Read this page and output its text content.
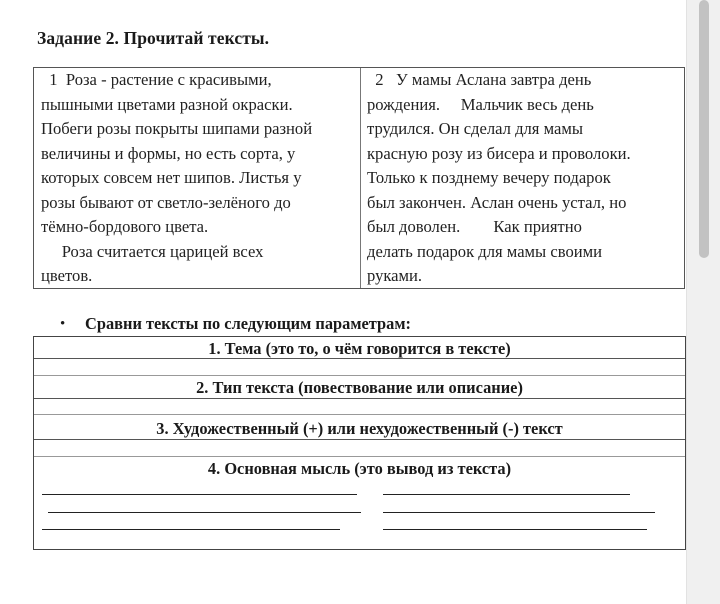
Задание 2. Прочитай тексты.
1  Роза - растение с красивыми,
пышными цветами разной окраски.
Побеги розы покрыты шипами разной
величины и формы, но есть сорта, у
которых совсем нет шипов. Листья у
розы бывают от светло-зелёного до
тёмно-бордового цвета.
Роза считается царицей всех
цветов.
2   У мамы Аслана завтра день
рождения.     Мальчик весь день
трудился. Он сделал для мамы
красную розу из бисера и проволоки.
Только к позднему вечеру подарок
был закончен. Аслан очень устал, но
был доволен.        Как приятно
делать подарок для мамы своими
руками.
• Сравни тексты по следующим параметрам:
1. Тема (это то, о чём говорится в тексте)
2. Тип текста (повествование или описание)
3. Художественный (+) или нехудожественный (-) текст
4. Основная мысль (это вывод из текста)
